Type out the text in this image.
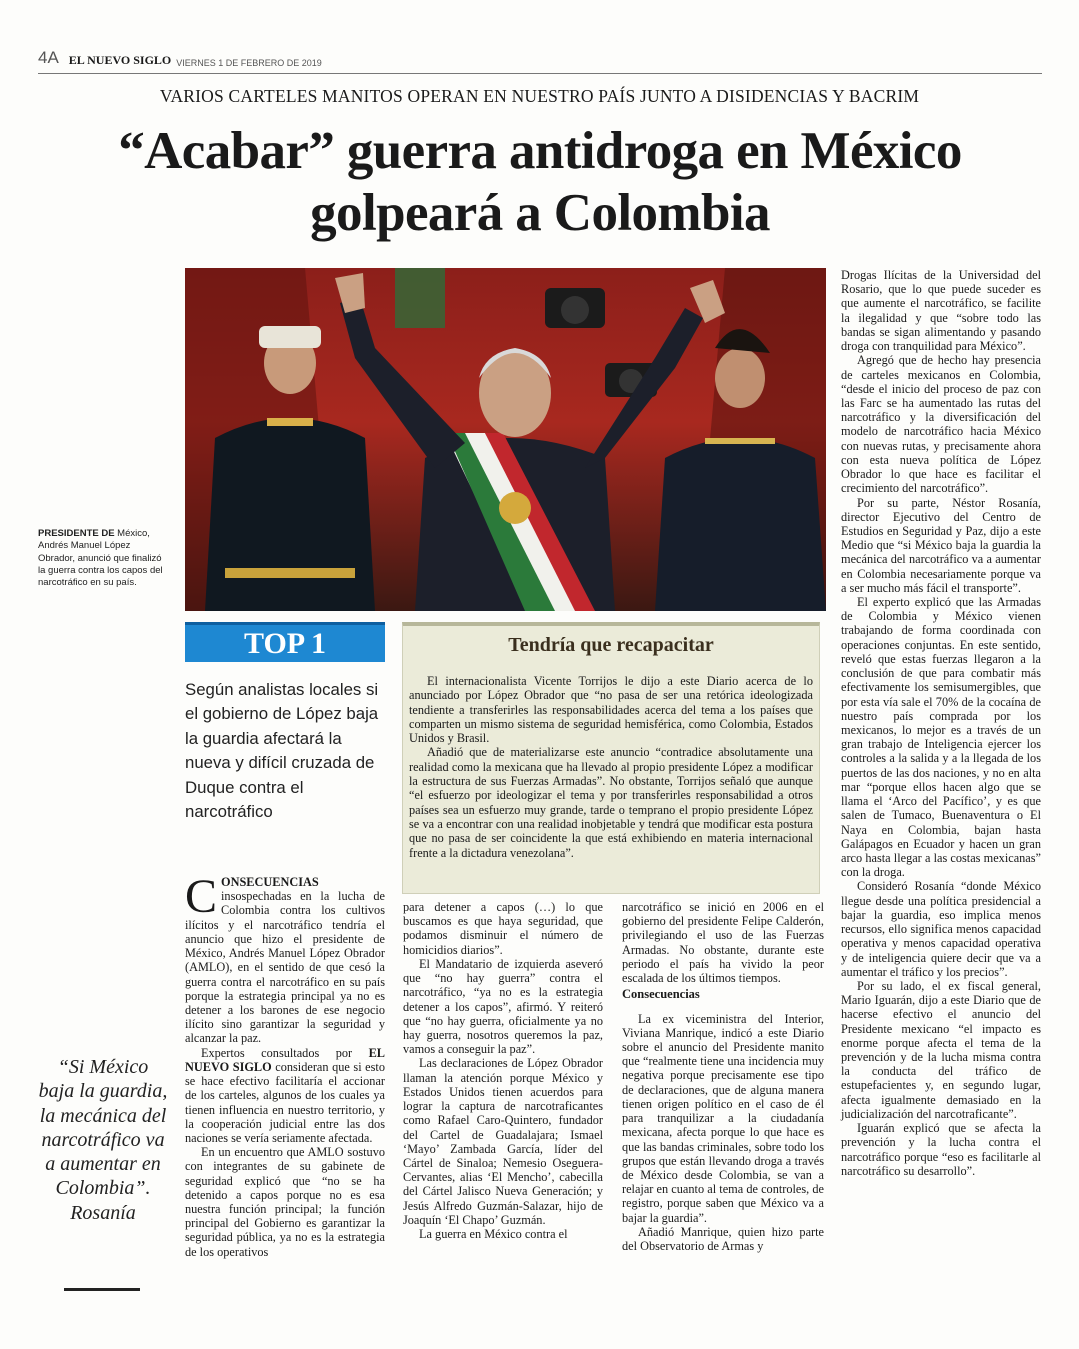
4A EL NUEVO SIGLO VIERNES 1 DE FEBRERO DE 2019
VARIOS CARTELES MANITOS OPERAN EN NUESTRO PAÍS JUNTO A DISIDENCIAS Y BACRIM
“Acabar” guerra antidroga en México
golpeará a Colombia
PRESIDENTE DE México, Andrés Manuel López Obrador, anunció que finalizó la guerra contra los capos del narcotráfico en su país.
TOP 1
Según analistas locales si el gobierno de López baja la guardia afectará la nueva y difícil cruzada de Duque contra el narcotráfico
Tendría que recapacitar

El internacionalista Vicente Torrijos le dijo a este Diario acerca de lo anunciado por López Obrador que “no pasa de ser una retórica ideologizada tendiente a transferirles las responsabilidades acerca del tema a los países que comparten un mismo sistema de seguridad hemisférica, como Colombia, Estados Unidos y Brasil.

Añadió que de materializarse este anuncio “contradice absolutamente una realidad como la mexicana que ha llevado al propio presidente López a modificar la estructura de sus Fuerzas Armadas”. No obstante, Torrijos señaló que aunque “el esfuerzo por ideologizar el tema y por transferirles responsabilidad a otros países sea un esfuerzo muy grande, tarde o temprano el propio presidente López se va a encontrar con una realidad inobjetable y tendrá que modificar esta postura que no pasa de ser coincidente la que está exhibiendo en materia internacional frente a la dictadura venezolana”.

CONSECUENCIAS insospechadas en la lucha de Colombia contra los cultivos ilícitos y el narcotráfico tendría el anuncio que hizo el presidente de México, Andrés Manuel López Obrador (AMLO), en el sentido de que cesó la guerra contra el narcotráfico en su país porque la estrategia principal ya no es detener a los barones de ese negocio ilícito sino garantizar la seguridad y alcanzar la paz.

Expertos consultados por EL NUEVO SIGLO consideran que si esto se hace efectivo facilitaría el accionar de los carteles, algunos de los cuales ya tienen influencia en nuestro territorio, y la cooperación judicial entre las dos naciones se vería seriamente afectada.

En un encuentro que AMLO sostuvo con integrantes de su gabinete de seguridad explicó que “no se ha detenido a capos porque no es esa nuestra función principal; la función principal del Gobierno es garantizar la seguridad pública, ya no es la estrategia de los operativos

para detener a capos (…) lo que buscamos es que haya seguridad, que podamos disminuir el número de homicidios diarios”.

El Mandatario de izquierda aseveró que “no hay guerra” contra el narcotráfico, “ya no es la estrategia detener a los capos”, afirmó. Y reiteró que “no hay guerra, oficialmente ya no hay guerra, nosotros queremos la paz, vamos a conseguir la paz”.

Las declaraciones de López Obrador llaman la atención porque México y Estados Unidos tienen acuerdos para lograr la captura de narcotraficantes como Rafael Caro-Quintero, fundador del Cartel de Guadalajara; Ismael ‘Mayo’ Zambada García, líder del Cártel de Sinaloa; Nemesio Oseguera-Cervantes, alias ‘El Mencho’, cabecilla del Cártel Jalisco Nueva Generación; y Jesús Alfredo Guzmán-Salazar, hijo de Joaquín ‘El Chapo’ Guzmán.

La guerra en México contra el

narcotráfico se inició en 2006 en el gobierno del presidente Felipe Calderón, privilegiando el uso de las Fuerzas Armadas. No obstante, durante este periodo el país ha vivido la peor escalada de los últimos tiempos.

Consecuencias

La ex viceministra del Interior, Viviana Manrique, indicó a este Diario sobre el anuncio del Presidente manito que “realmente tiene una incidencia muy negativa porque precisamente ese tipo de declaraciones, que de alguna manera tienen origen político en el caso de él para tranquilizar a la ciudadanía mexicana, afecta porque lo que hace es que las bandas criminales, sobre todo los grupos que están llevando droga a través de México desde Colombia, se van a relajar en cuanto al tema de controles, de registro, porque saben que México va a bajar la guardia”.

Añadió Manrique, quien hizo parte del Observatorio de Armas y

Drogas Ilícitas de la Universidad del Rosario, que lo que puede suceder es que aumente el narcotráfico, se facilite la ilegalidad y que “sobre todo las bandas se sigan alimentando y pasando droga con tranquilidad para México”.

Agregó que de hecho hay presencia de carteles mexicanos en Colombia, “desde el inicio del proceso de paz con las Farc se ha aumentado las rutas del narcotráfico y la diversificación del modelo de narcotráfico hacia México con nuevas rutas, y precisamente ahora con esta nueva política de López Obrador lo que hace es facilitar el crecimiento del narcotráfico”.

Por su parte, Néstor Rosanía, director Ejecutivo del Centro de Estudios en Seguridad y Paz, dijo a este Medio que “si México baja la guardia la mecánica del narcotráfico va a aumentar en Colombia necesariamente porque va a ser mucho más fácil el transporte”.

El experto explicó que las Armadas de Colombia y México vienen trabajando de forma coordinada con operaciones conjuntas. En este sentido, reveló que estas fuerzas llegaron a la conclusión de que para combatir más efectivamente los semisumergibles, que por esta vía sale el 70% de la cocaína de nuestro país comprada por los mexicanos, lo mejor es a través de un gran trabajo de Inteligencia ejercer los controles a la salida y a la llegada de los puertos de las dos naciones, y no en alta mar “porque ellos hacen algo que se llama el ‘Arco del Pacífico’, y es que salen de Tumaco, Buenaventura o El Naya en Colombia, bajan hasta Galápagos en Ecuador y hacen un gran arco hasta llegar a las costas mexicanas” con la droga.

Consideró Rosanía “donde México llegue desde una política presidencial a bajar la guardia, eso implica menos recursos, ello significa menos capacidad operativa y menos capacidad operativa y de inteligencia quiere decir que va a aumentar el tráfico y los precios”.

Por su lado, el ex fiscal general, Mario Iguarán, dijo a este Diario que de hacerse efectivo el anuncio del Presidente mexicano “el impacto es enorme porque afecta el tema de la prevención y de la lucha misma contra la conducta del tráfico de estupefacientes y, en segundo lugar, afecta igualmente demasiado en la judicialización del narcotraficante”.

Iguarán explicó que se afecta la prevención y la lucha contra el narcotráfico porque “eso es facilitarle al narcotráfico su desarrollo”.

“Si México baja la guardia, la mecánica del narcotráfico va a aumentar en Colombia”.
Rosanía
